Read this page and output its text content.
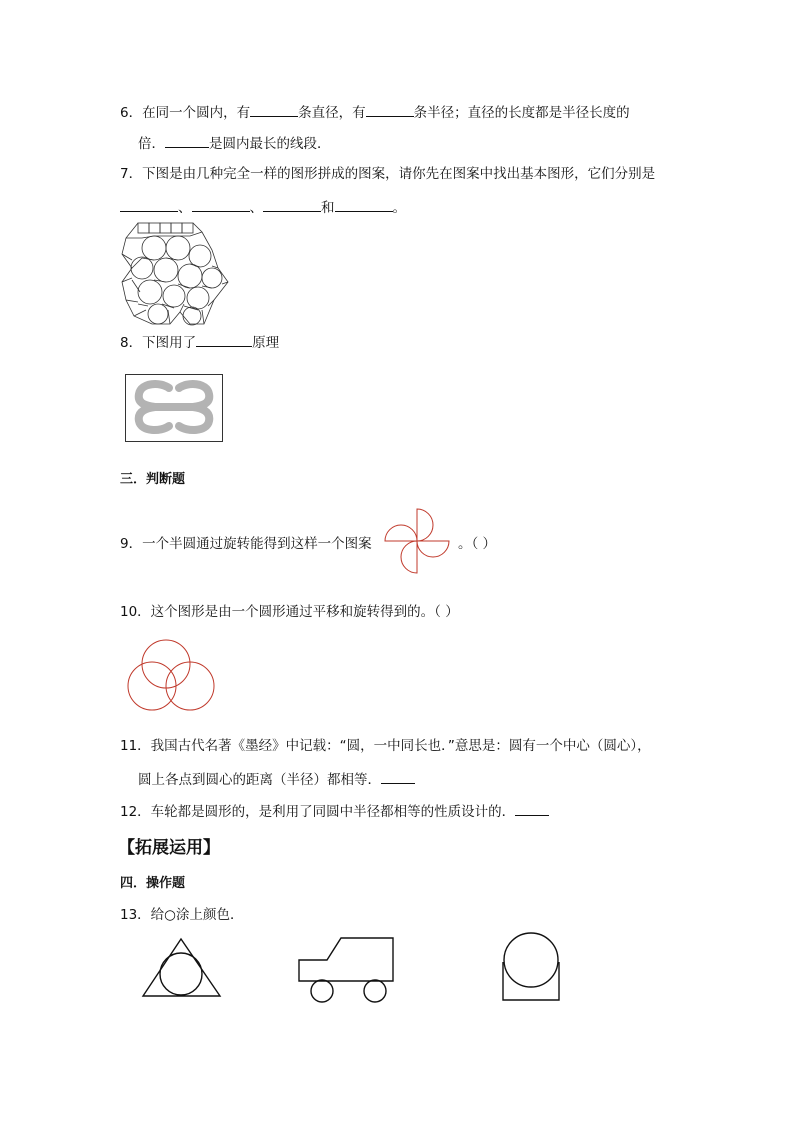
6．在同一个圆内，有	条直径，有	条半径；直径的长度都是半径长度的
倍．	是圆内最长的线段．
7．下图是由几种完全一样的图形拼成的图案，请你先在图案中找出基本图形，它们分别是
、	、	和	。
8．下图用了	原理
三．判断题
9．一个半圆通过旋转能得到这样一个图案	。（ ）
10．这个图形是由一个圆形通过平移和旋转得到的。（ ）
11．我国古代名著《墨经》中记载：“圆，一中同长也．”意思是：圆有一个中心（圆心），
圆上各点到圆心的距离（半径）都相等．
12．车轮都是圆形的，是利用了同圆中半径都相等的性质设计的．
【拓展运用】
四．操作题
13．给○涂上颜色．
